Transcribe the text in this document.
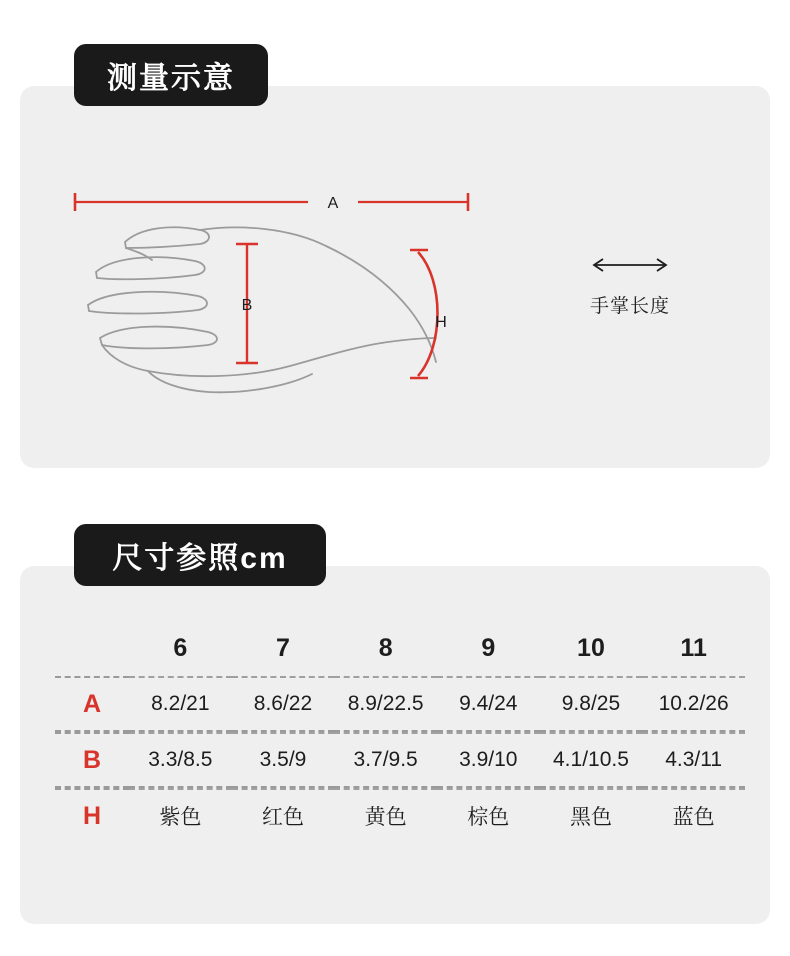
测量示意
A
B
H
手掌长度
尺寸参照cm
	6	7	8	9	10	11

A	8.2/21	8.6/22	8.9/22.5	9.4/24	9.8/25	10.2/26

B	3.3/8.5	3.5/9	3.7/9.5	3.9/10	4.1/10.5	4.3/11

H	紫色	红色	黄色	棕色	黑色	蓝色
